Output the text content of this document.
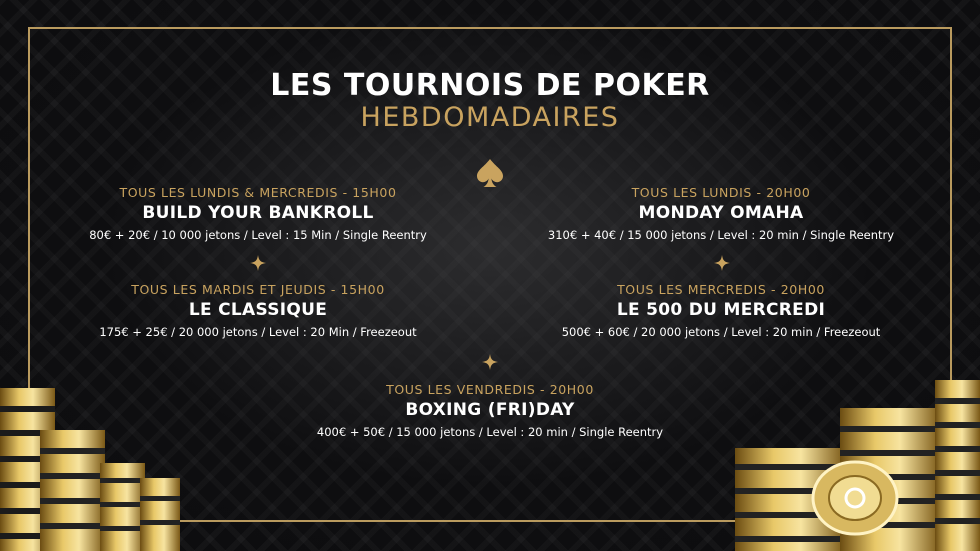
LES TOURNOIS DE POKER
HEBDOMADAIRES
TOUS LES LUNDIS & MERCREDIS - 15H00
BUILD YOUR BANKROLL
80€ + 20€ / 10 000 jetons / Level : 15 Min / Single Reentry
TOUS LES LUNDIS - 20H00
MONDAY OMAHA
310€ + 40€ / 15 000 jetons / Level : 20 min / Single Reentry
TOUS LES MARDIS ET JEUDIS - 15H00
LE CLASSIQUE
175€ + 25€ / 20 000 jetons / Level : 20 Min / Freezeout
TOUS LES MERCREDIS - 20H00
LE 500 DU MERCREDI
500€ + 60€ / 20 000 jetons / Level : 20 min / Freezeout
TOUS LES VENDREDIS - 20H00
BOXING (FRI)DAY
400€ + 50€ / 15 000 jetons / Level : 20 min / Single Reentry
